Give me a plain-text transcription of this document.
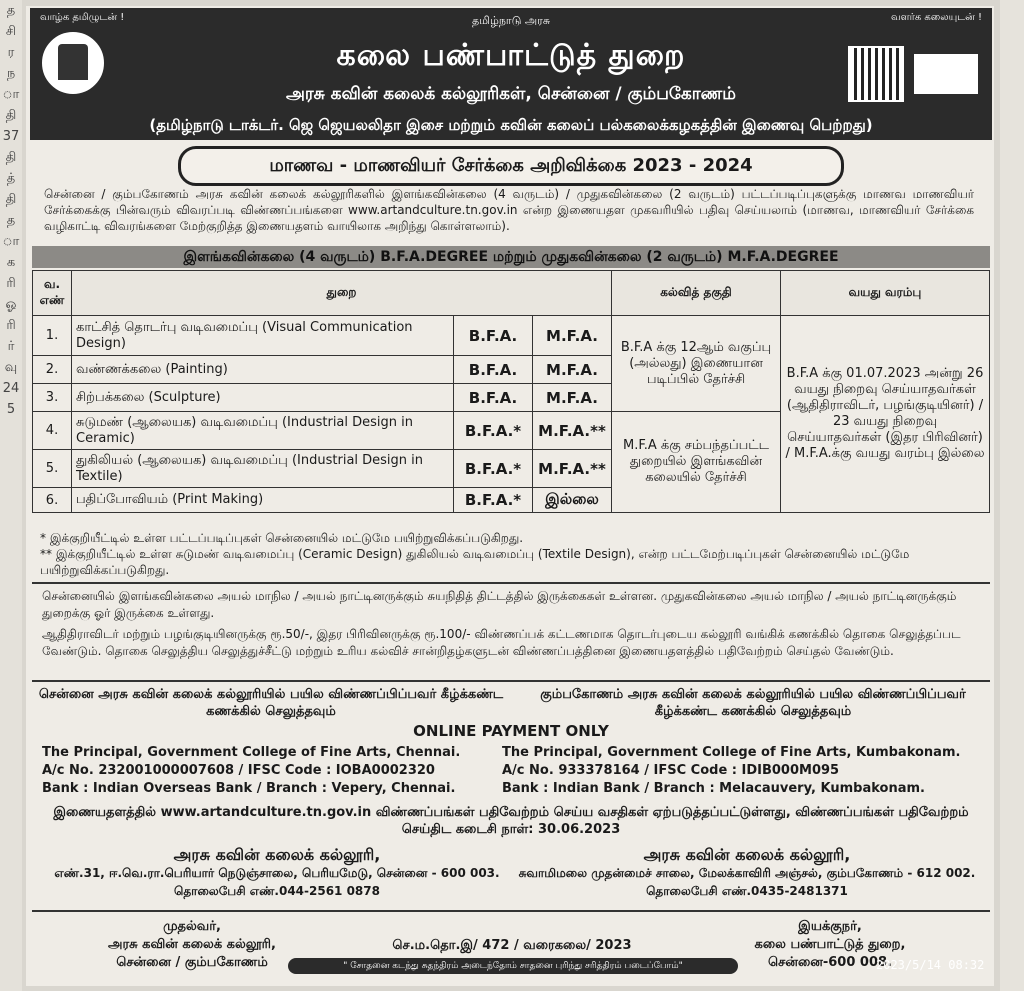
த
சி
ர
ந
ா
தி
37
தி
த்
தி
த
ா
க
ரி
ஓ
ரி
ர்
வு
24
5
வாழ்க தமிழுடன் !	வளர்க கலையுடன் !
தமிழ்நாடு அரசு
கலை பண்பாட்டுத் துறை
அரசு கவின் கலைக் கல்லூரிகள், சென்னை / கும்பகோணம்
(தமிழ்நாடு டாக்டர். ஜெ ஜெயலலிதா இசை மற்றும் கவின் கலைப் பல்கலைக்கழகத்தின் இணைவு பெற்றது)
மாணவ - மாணவியர் சேர்க்கை அறிவிக்கை 2023 - 2024
சென்னை / கும்பகோணம் அரசு கவின் கலைக் கல்லூரிகளில் இளங்கவின்கலை (4 வருடம்) / முதுகவின்கலை (2 வருடம்) பட்டப்படிப்புகளுக்கு மாணவ மாணவியர் சேர்க்கைக்கு பின்வரும் விவரப்படி விண்ணப்பங்களை www.artandculture.tn.gov.in என்ற இணையதள முகவரியில் பதிவு செய்யலாம் (மாணவ, மாணவியர் சேர்க்கை வழிகாட்டி விவரங்களை மேற்குறித்த இணையதளம் வாயிலாக அறிந்து கொள்ளலாம்).
இளங்கவின்கலை (4 வருடம்) B.F.A.DEGREE மற்றும் முதுகவின்கலை (2 வருடம்) M.F.A.DEGREE
வ. எண்	துறை			கல்வித் தகுதி	வயது வரம்பு
1.	காட்சித் தொடர்பு வடிவமைப்பு (Visual Communication Design)	B.F.A.	M.F.A.	B.F.A க்கு 12ஆம் வகுப்பு (அல்லது) இணையான படிப்பில் தேர்ச்சி	B.F.A க்கு 01.07.2023 அன்று 26 வயது நிறைவு செய்யாதவர்கள் (ஆதிதிராவிடர், பழங்குடியினர்) / 23 வயது நிறைவு செய்யாதவர்கள் (இதர பிரிவினர்) / M.F.A.க்கு வயது வரம்பு இல்லை
2.	வண்ணக்கலை (Painting)	B.F.A.	M.F.A.		
3.	சிற்பக்கலை (Sculpture)	B.F.A.	M.F.A.		
4.	சுடுமண் (ஆலையக) வடிவமைப்பு (Industrial Design in Ceramic)	B.F.A.*	M.F.A.**	M.F.A க்கு சம்பந்தப்பட்ட துறையில் இளங்கவின் கலையில் தேர்ச்சி	
5.	துகிலியல் (ஆலையக) வடிவமைப்பு (Industrial Design in Textile)	B.F.A.*	M.F.A.**		
6.	பதிப்போவியம் (Print Making)	B.F.A.*	இல்லை		
* இக்குறியீட்டில் உள்ள பட்டப்படிப்புகள் சென்னையில் மட்டுமே பயிற்றுவிக்கப்படுகிறது.
** இக்குறியீட்டில் உள்ள சுடுமண் வடிவமைப்பு (Ceramic Design) துகிலியல் வடிவமைப்பு (Textile Design), என்ற பட்டமேற்படிப்புகள் சென்னையில் மட்டுமே பயிற்றுவிக்கப்படுகிறது.

சென்னையில் இளங்கவின்கலை அயல் மாநில / அயல் நாட்டினருக்கும் சுயநிதித் திட்டத்தில் இருக்கைகள் உள்ளன. முதுகவின்கலை அயல் மாநில / அயல் நாட்டினருக்கும் துறைக்கு ஓர் இருக்கை உள்ளது.

ஆதிதிராவிடர் மற்றும் பழங்குடியினருக்கு ரூ.50/-, இதர பிரிவினருக்கு ரூ.100/- விண்ணப்பக் கட்டணமாக தொடர்புடைய கல்லூரி வங்கிக் கணக்கில் தொகை செலுத்தப்பட வேண்டும். தொகை செலுத்திய செலுத்துச்சீட்டு மற்றும் உரிய கல்விச் சான்றிதழ்களுடன் விண்ணப்பத்தினை இணையதளத்தில் பதிவேற்றம் செய்தல் வேண்டும்.

சென்னை அரசு கவின் கலைக் கல்லூரியில் பயில விண்ணப்பிப்பவர் கீழ்க்கண்ட கணக்கில் செலுத்தவும்
கும்பகோணம் அரசு கவின் கலைக் கல்லூரியில் பயில விண்ணப்பிப்பவர் கீழ்க்கண்ட கணக்கில் செலுத்தவும்
ONLINE PAYMENT ONLY
The Principal, Government College of Fine Arts, Chennai.
A/c No. 232001000007608 / IFSC Code : IOBA0002320
Bank : Indian Overseas Bank / Branch : Vepery, Chennai.
The Principal, Government College of Fine Arts, Kumbakonam.
A/c No. 933378164 / IFSC Code : IDIB000M095
Bank : Indian Bank / Branch : Melacauvery, Kumbakonam.
இணையதளத்தில் www.artandculture.tn.gov.in விண்ணப்பங்கள் பதிவேற்றம் செய்ய வசதிகள் ஏற்படுத்தப்பட்டுள்ளது, விண்ணப்பங்கள் பதிவேற்றம் செய்திட கடைசி நாள்: 30.06.2023
அரசு கவின் கலைக் கல்லூரி,
எண்.31, ஈ.வெ.ரா.பெரியார் நெடுஞ்சாலை, பெரியமேடு, சென்னை - 600 003. தொலைபேசி எண்.044-2561 0878
அரசு கவின் கலைக் கல்லூரி,
சுவாமிமலை முதன்மைச் சாலை, மேலக்காவிரி அஞ்சல், கும்பகோணம் - 612 002. தொலைபேசி எண்.0435-2481371
முதல்வர்,
அரசு கவின் கலைக் கல்லூரி,
சென்னை / கும்பகோணம்
செ.ம.தொ.இ/ 472 / வரைகலை/ 2023
" சோதனை கடந்து சுதந்திரம் அடைந்தோம் சாதனை புரிந்து சரித்திரம் படைப்போம்"
இயக்குநர்,
கலை பண்பாட்டுத் துறை,
சென்னை-600 008.
2023/5/14 08:32
